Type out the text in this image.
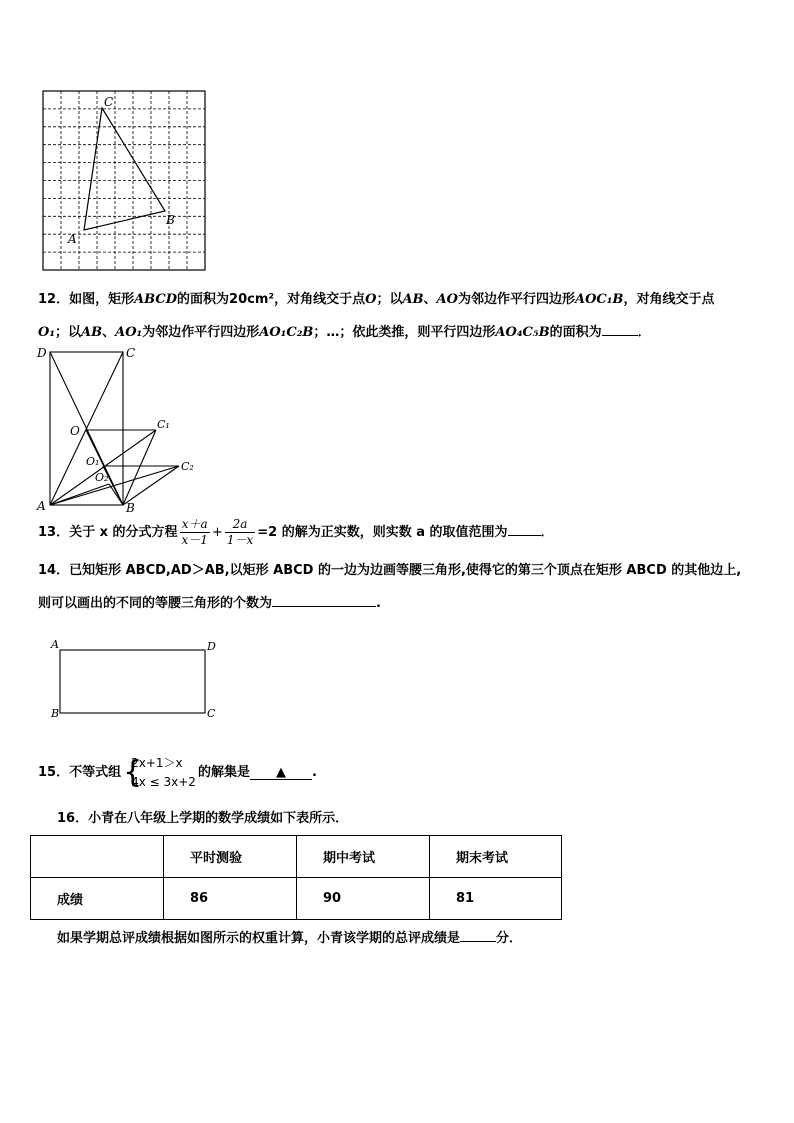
C
B
A
12．如图，矩形ABCD的面积为20cm²，对角线交于点O；以AB、AO为邻边作平行四边形AOC₁B，对角线交于点
O₁；以AB、AO₁为邻边作平行四边形AO₁C₂B；…；依此类推，则平行四边形AO₄C₅B的面积为	．
D	C
O	C₁
O₁	C₂
O₂
A	B
13．关于 x 的分式方程 $\frac{x+a}{x-1} + \frac{2a}{1-x} =2$ 的解为正实数，则实数 a 的取值范围为	．
14．已知矩形 ABCD,AD＞AB,以矩形 ABCD 的一边为边画等腰三角形,使得它的第三个顶点在矩形 ABCD 的其他边上,
则可以画出的不同的等腰三角形的个数为	.
A	D
B	C
15．不等式组 {
2x+1＞x
4x ≤ 3x+2
的解集是 ▲ .
16．小青在八年级上学期的数学成绩如下表所示．
	平时测验	期中考试	期末考试
成绩	86	90	81
如果学期总评成绩根据如图所示的权重计算，小青该学期的总评成绩是	分．
